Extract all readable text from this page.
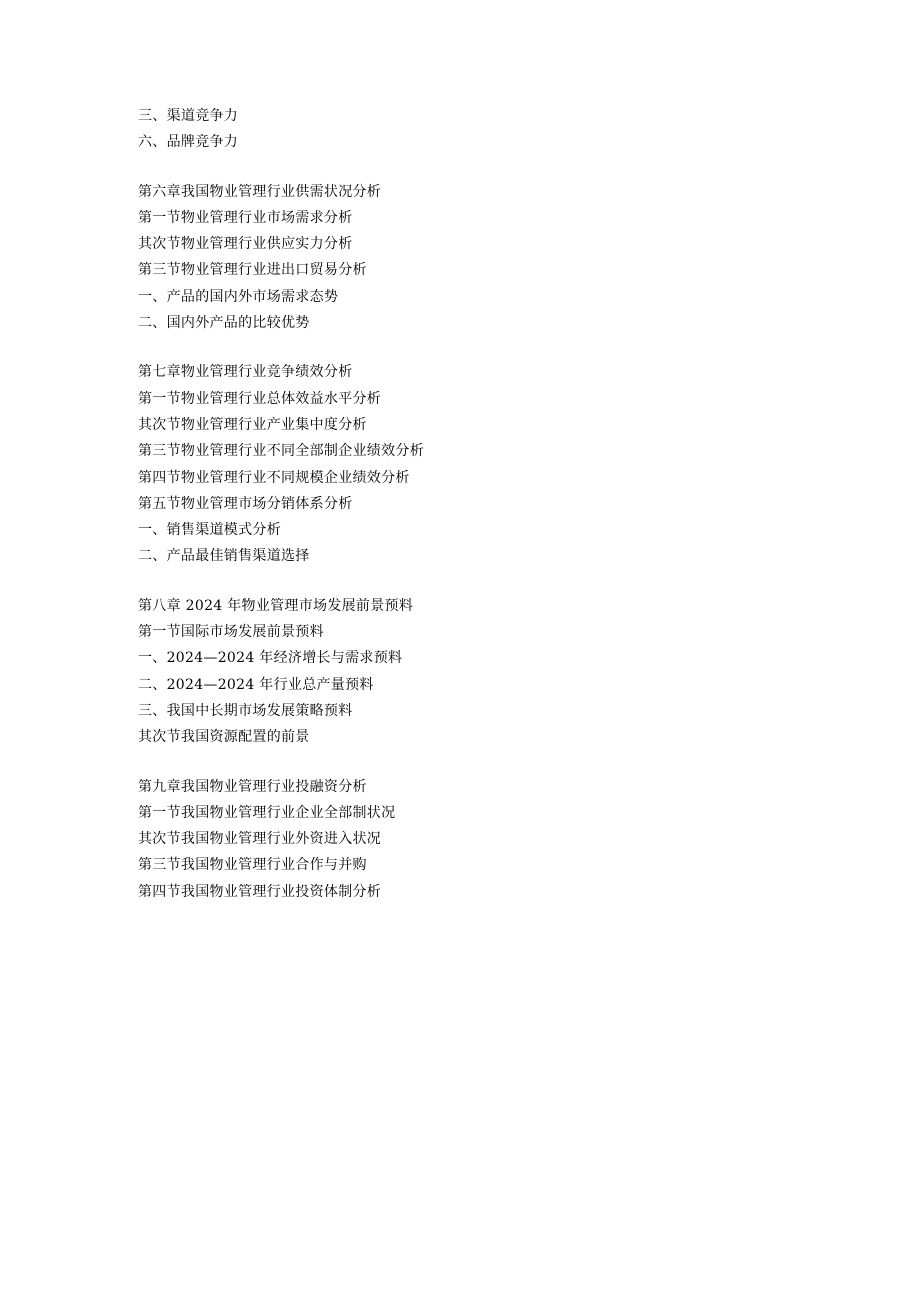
三、渠道竞争力
六、品牌竞争力
第六章我国物业管理行业供需状况分析
第一节物业管理行业市场需求分析
其次节物业管理行业供应实力分析
第三节物业管理行业进出口贸易分析
一、产品的国内外市场需求态势
二、国内外产品的比较优势
第七章物业管理行业竞争绩效分析
第一节物业管理行业总体效益水平分析
其次节物业管理行业产业集中度分析
第三节物业管理行业不同全部制企业绩效分析
第四节物业管理行业不同规模企业绩效分析
第五节物业管理市场分销体系分析
一、销售渠道模式分析
二、产品最佳销售渠道选择
第八章 2024 年物业管理市场发展前景预料
第一节国际市场发展前景预料
一、2024—2024 年经济增长与需求预料
二、2024—2024 年行业总产量预料
三、我国中长期市场发展策略预料
其次节我国资源配置的前景
第九章我国物业管理行业投融资分析
第一节我国物业管理行业企业全部制状况
其次节我国物业管理行业外资进入状况
第三节我国物业管理行业合作与并购
第四节我国物业管理行业投资体制分析
